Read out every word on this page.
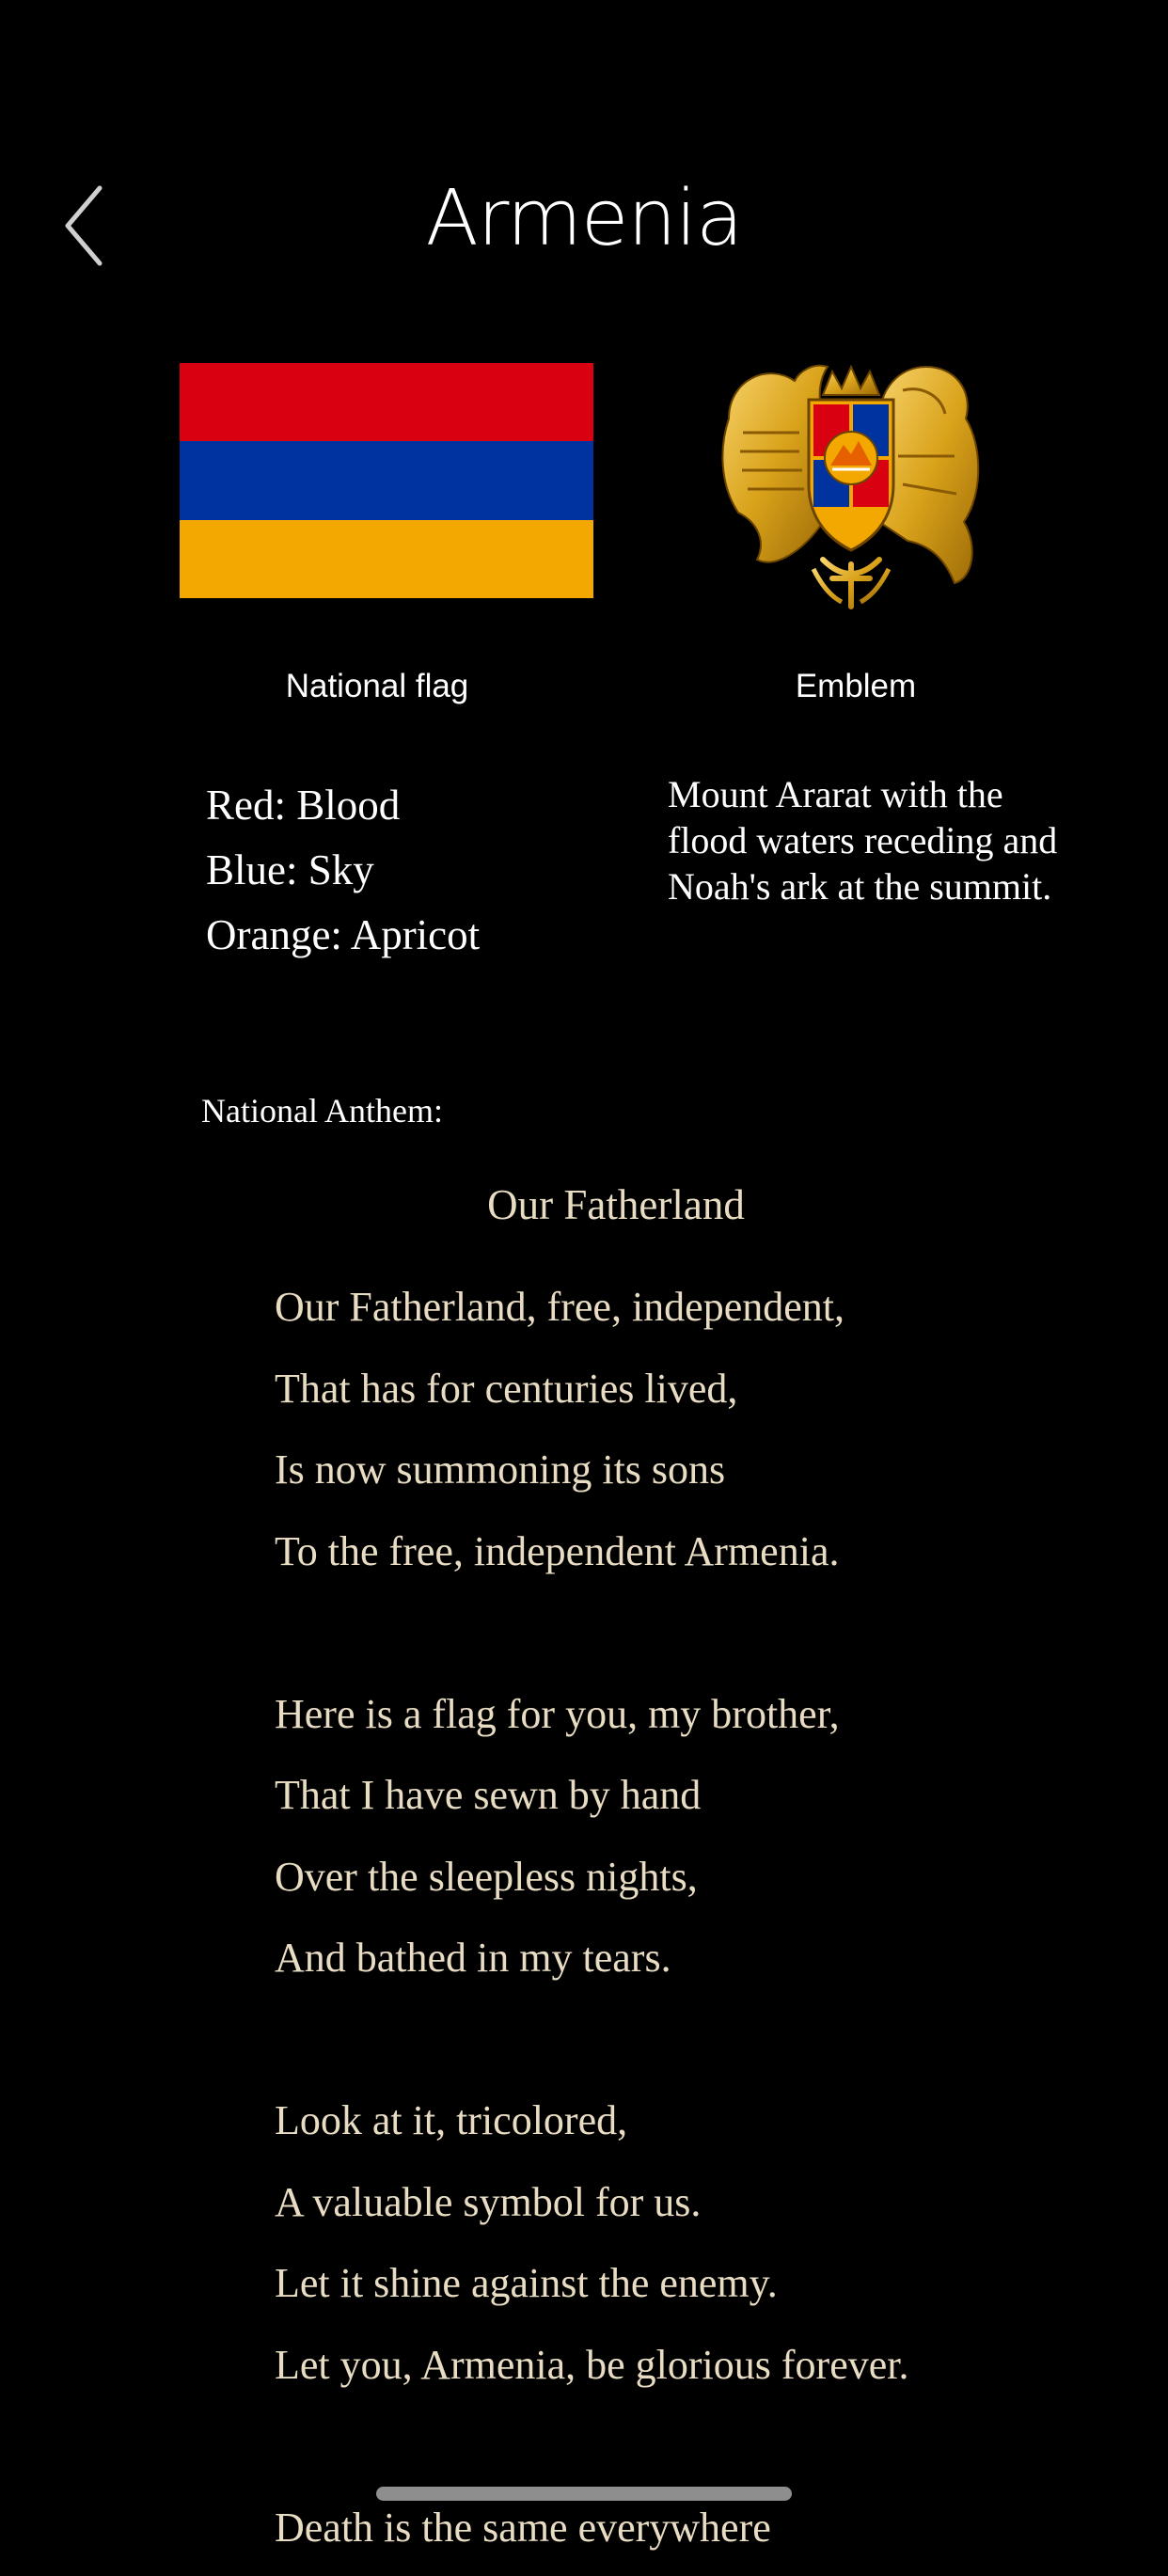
Armenia
National flag	Emblem
Red: Blood
Blue: Sky
Orange: Apricot
Mount Ararat with the flood waters receding and Noah's ark at the summit.
National Anthem:
Our Fatherland
Our Fatherland, free, independent,
That has for centuries lived,
Is now summoning its sons
To the free, independent Armenia.
Here is a flag for you, my brother,
That I have sewn by hand
Over the sleepless nights,
And bathed in my tears.
Look at it, tricolored,
A valuable symbol for us.
Let it shine against the enemy.
Let you, Armenia, be glorious forever.
Death is the same everywhere
